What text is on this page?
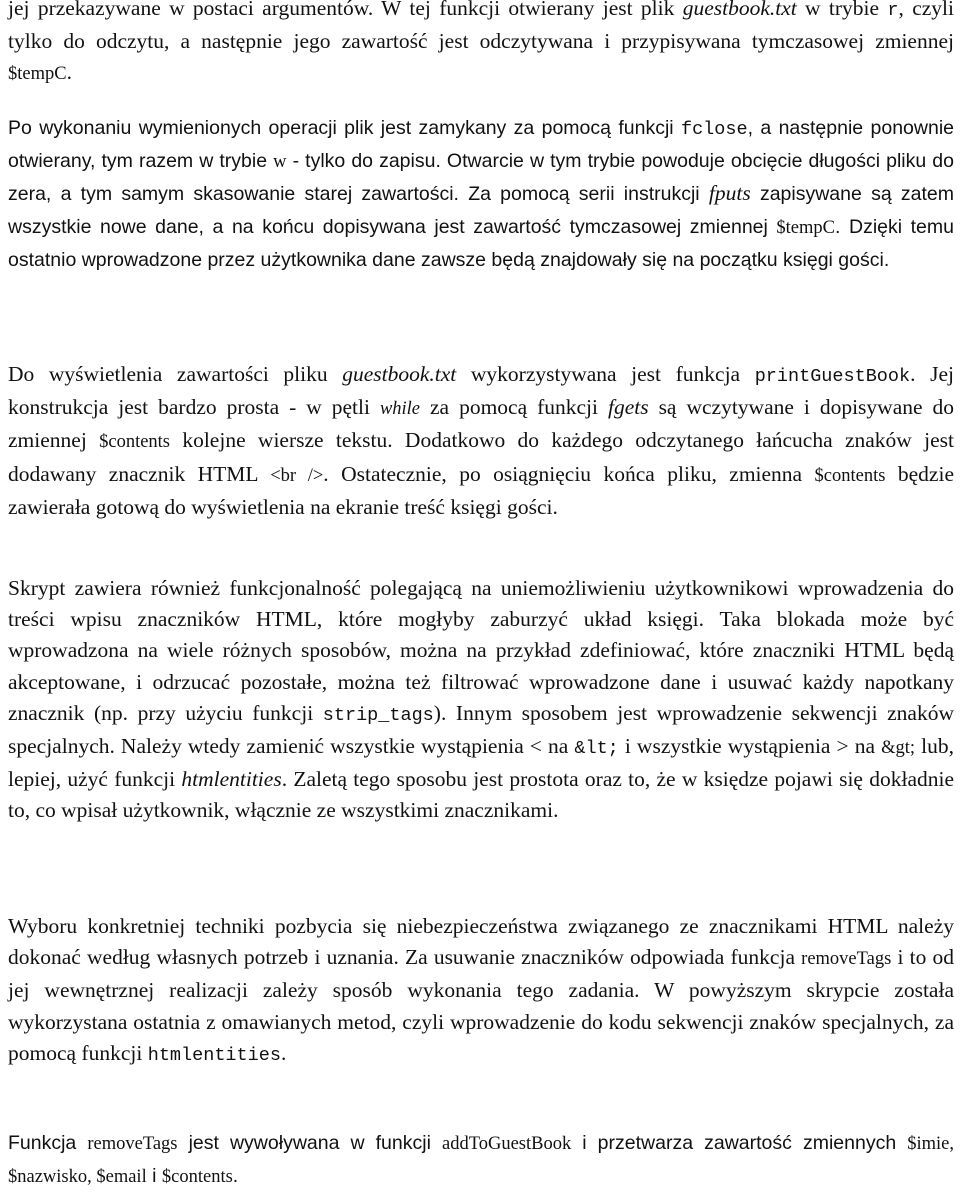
jej przekazywane w postaci argumentów. W tej funkcji otwierany jest plik guestbook.txt w trybie r, czyli tylko do odczytu, a następnie jego zawartość jest odczytywana i przypisywana tymczasowej zmiennej $tempC.

Po wykonaniu wymienionych operacji plik jest zamykany za pomocą funkcji fclose, a następnie ponownie otwierany, tym razem w trybie w - tylko do zapisu. Otwarcie w tym trybie powoduje obcięcie długości pliku do zera, a tym samym skasowanie starej zawartości. Za pomocą serii instrukcji fputs zapisywane są zatem wszystkie nowe dane, a na końcu dopisywana jest zawartość tymczasowej zmiennej $tempC. Dzięki temu ostatnio wprowadzone przez użytkownika dane zawsze będą znajdowały się na początku księgi gości.

Do wyświetlenia zawartości pliku guestbook.txt wykorzystywana jest funkcja printGuestBook. Jej konstrukcja jest bardzo prosta - w pętli while za pomocą funkcji fgets są wczytywane i dopisywane do zmiennej $contents kolejne wiersze tekstu. Dodatkowo do każdego odczytanego łańcucha znaków jest dodawany znacznik HTML <br />. Ostatecznie, po osiągnięciu końca pliku, zmienna $contents będzie zawierała gotową do wyświetlenia na ekranie treść księgi gości.

Skrypt zawiera również funkcjonalność polegającą na uniemożliwieniu użytkownikowi wprowadzenia do treści wpisu znaczników HTML, które mogłyby zaburzyć układ księgi. Taka blokada może być wprowadzona na wiele różnych sposobów, można na przykład zdefiniować, które znaczniki HTML będą akceptowane, i odrzucać pozostałe, można też filtrować wprowadzone dane i usuwać każdy napotkany znacznik (np. przy użyciu funkcji strip_tags). Innym sposobem jest wprowadzenie sekwencji znaków specjalnych. Należy wtedy zamienić wszystkie wystąpienia < na &lt; i wszystkie wystąpienia > na &gt; lub, lepiej, użyć funkcji htmlentities. Zaletą tego sposobu jest prostota oraz to, że w księdze pojawi się dokładnie to, co wpisał użytkownik, włącznie ze wszystkimi znacznikami.

Wyboru konkretniej techniki pozbycia się niebezpieczeństwa związanego ze znacznikami HTML należy dokonać według własnych potrzeb i uznania. Za usuwanie znaczników odpowiada funkcja removeTags i to od jej wewnętrznej realizacji zależy sposób wykonania tego zadania. W powyższym skrypcie została wykorzystana ostatnia z omawianych metod, czyli wprowadzenie do kodu sekwencji znaków specjalnych, za pomocą funkcji htmlentities.

Funkcja removeTags jest wywoływana w funkcji addToGuestBook i przetwarza zawartość zmiennych $imie, $nazwisko, $email i $contents.
